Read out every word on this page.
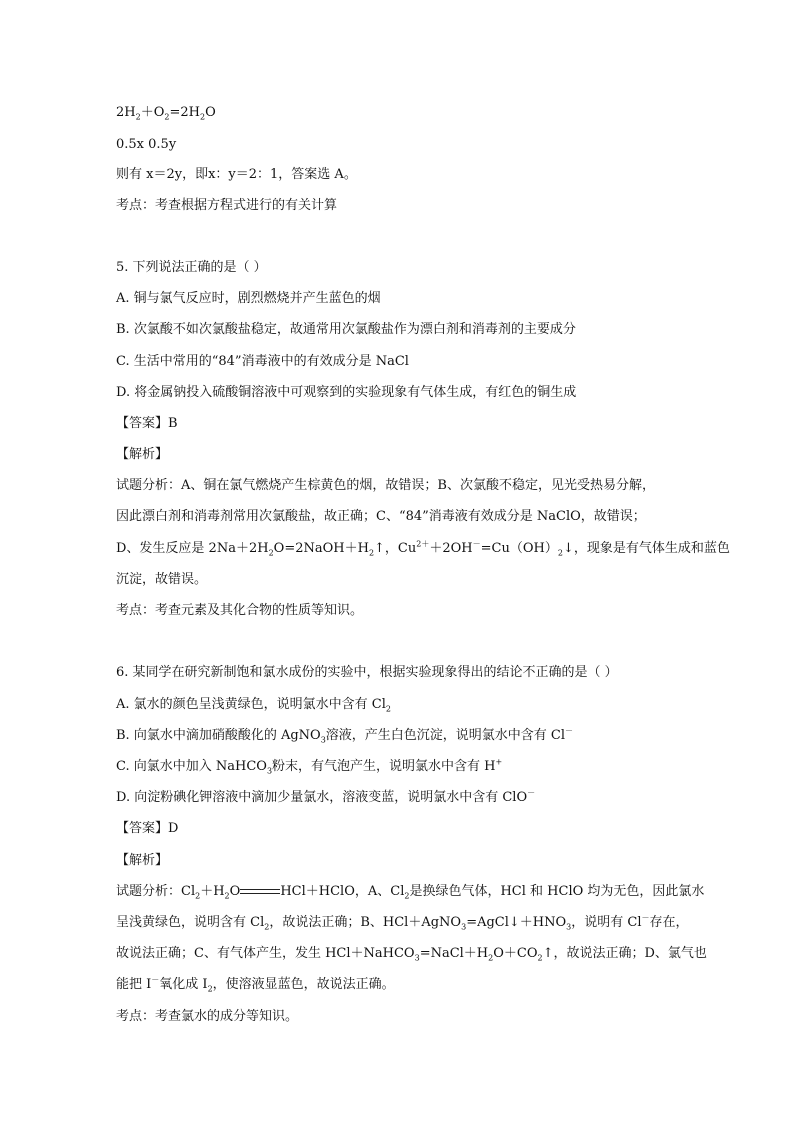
$2H_2+O_2=2H_2O$
0.5x 0.5y
则有 x＝2y，即x：y＝2：1，答案选 A。
考点：考查根据方程式进行的有关计算
5. 下列说法正确的是（ ）
A. 铜与氯气反应时，剧烈燃烧并产生蓝色的烟
B. 次氯酸不如次氯酸盐稳定，故通常用次氯酸盐作为漂白剂和消毒剂的主要成分
C. 生活中常用的“84”消毒液中的有效成分是 NaCl
D. 将金属钠投入硫酸铜溶液中可观察到的实验现象有气体生成，有红色的铜生成
【答案】B
【解析】
试题分析：A、铜在氯气燃烧产生棕黄色的烟，故错误；B、次氯酸不稳定，见光受热易分解，
因此漂白剂和消毒剂常用次氯酸盐，故正确；C、“84”消毒液有效成分是 NaClO，故错误；
D、发生反应是 $2Na+2H_2O=2NaOH+H_2↑$，$Cu^{2+}+2OH^-=Cu(OH)_2↓$，现象是有气体生成和蓝色
沉淀，故错误。
考点：考查元素及其化合物的性质等知识。
6. 某同学在研究新制饱和氯水成份的实验中，根据实验现象得出的结论不正确的是（ ）
A. 氯水的颜色呈浅黄绿色，说明氯水中含有 $Cl_2$
B. 向氯水中滴加硝酸酸化的 AgNO$_3$溶液，产生白色沉淀，说明氯水中含有 Cl－
C. 向氯水中加入 NaHCO$_3$粉末，有气泡产生，说明氯水中含有 H+
D. 向淀粉碘化钾溶液中滴加少量氯水，溶液变蓝，说明氯水中含有 ClO－
【答案】D
【解析】
试题分析：$Cl_2+H_2O$	HCl＋HClO，A、$Cl_2$是换绿色气体，HCl 和 HClO 均为无色，因此氯水
呈浅黄绿色，说明含有 $Cl_2$，故说法正确；B、$HCl+AgNO_3=AgCl↓+HNO_3$，说明有 Cl－存在，
故说法正确；C、有气体产生，发生 $HCl+NaHCO_3=NaCl+H_2O+CO_2↑$，故说法正确；D、氯气也
能把 I－氧化成 $I_2$，使溶液显蓝色，故说法正确。
考点：考查氯水的成分等知识。
